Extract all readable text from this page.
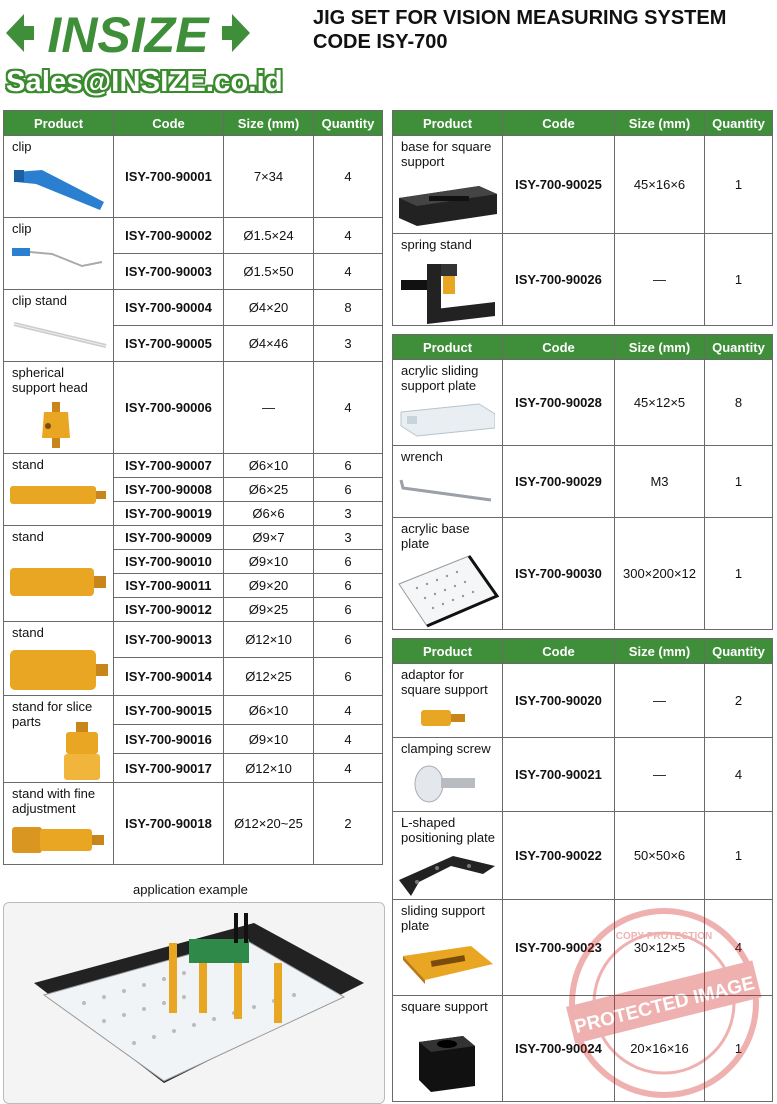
INSIZE
Sales@INSIZE.co.id
JIG SET FOR VISION MEASURING SYSTEM
CODE ISY-700
Product	Code	Size (mm)	Quantity
clip	ISY-700-90001	7×34	4
clip	ISY-700-90002	Ø1.5×24	4
	ISY-700-90003	Ø1.5×50	4
clip stand	ISY-700-90004	Ø4×20	8
	ISY-700-90005	Ø4×46	3
spherical support head	ISY-700-90006	—	4
stand	ISY-700-90007	Ø6×10	6
	ISY-700-90008	Ø6×25	6
	ISY-700-90019	Ø6×6	3
stand	ISY-700-90009	Ø9×7	3
	ISY-700-90010	Ø9×10	6
	ISY-700-90011	Ø9×20	6
	ISY-700-90012	Ø9×25	6
stand	ISY-700-90013	Ø12×10	6
	ISY-700-90014	Ø12×25	6
stand for slice parts	ISY-700-90015	Ø6×10	4
	ISY-700-90016	Ø9×10	4
	ISY-700-90017	Ø12×10	4
stand with fine adjustment	ISY-700-90018	Ø12×20~25	2
Product	Code	Size (mm)	Quantity
base for square support	ISY-700-90025	45×16×6	1
spring stand	ISY-700-90026	—	1
Product	Code	Size (mm)	Quantity
acrylic sliding support plate	ISY-700-90028	45×12×5	8
wrench	ISY-700-90029	M3	1
acrylic base plate	ISY-700-90030	300×200×12	1
Product	Code	Size (mm)	Quantity
adaptor for square support	ISY-700-90020	—	2
clamping screw	ISY-700-90021	—	4
L-shaped positioning plate	ISY-700-90022	50×50×6	1
sliding support plate	ISY-700-90023	30×12×5	4
square support	ISY-700-90024	20×16×16	1
application example
PROTECTED IMAGE
COPY PROTECTION
